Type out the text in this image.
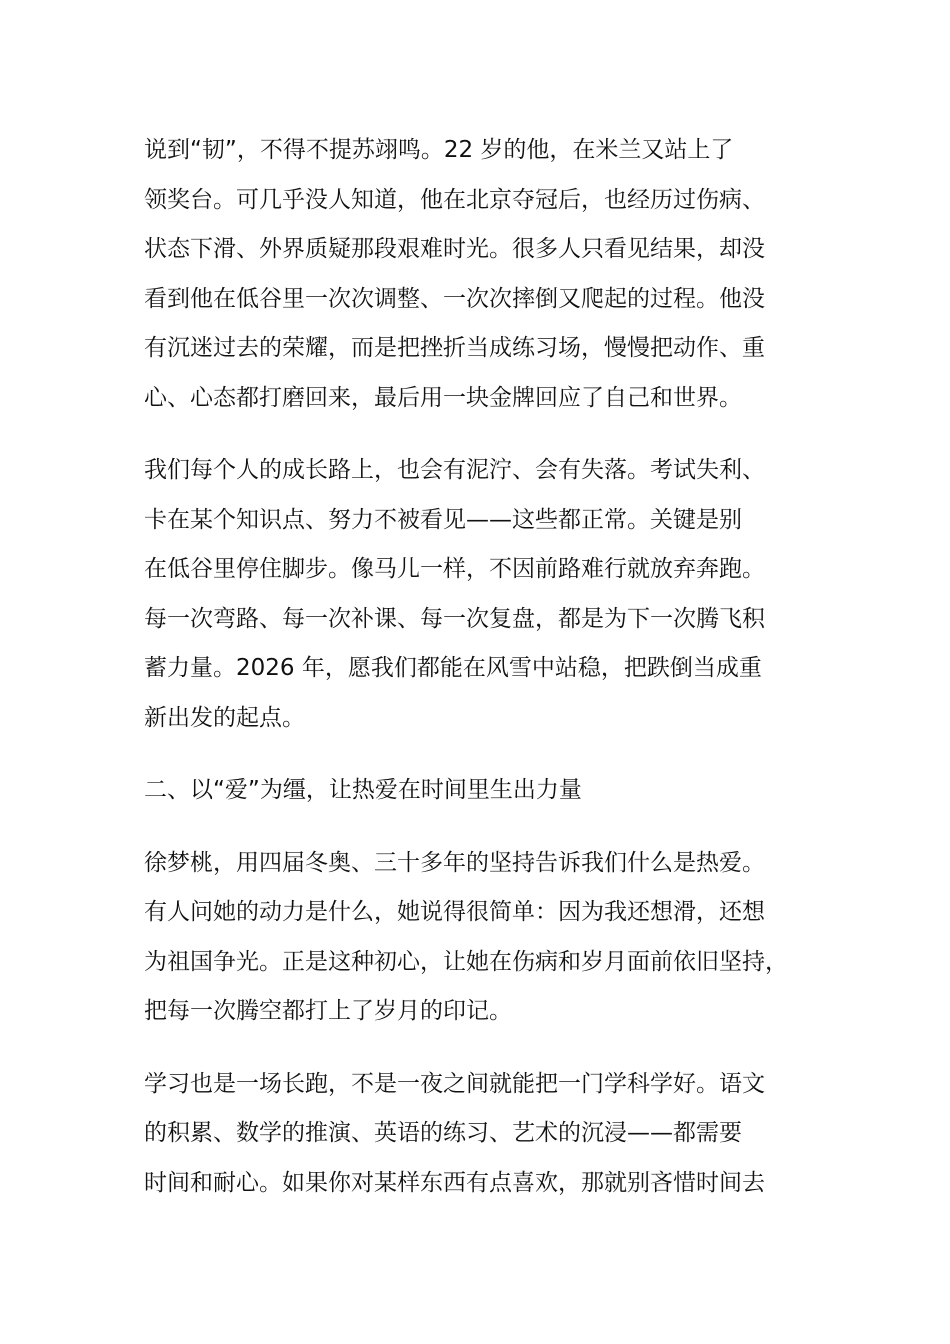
说到“韧”，不得不提苏翊鸣。22 岁的他，在米兰又站上了
领奖台。可几乎没人知道，他在北京夺冠后，也经历过伤病、
状态下滑、外界质疑那段艰难时光。很多人只看见结果，却没
看到他在低谷里一次次调整、一次次摔倒又爬起的过程。他没
有沉迷过去的荣耀，而是把挫折当成练习场，慢慢把动作、重
心、心态都打磨回来，最后用一块金牌回应了自己和世界。

我们每个人的成长路上，也会有泥泞、会有失落。考试失利、
卡在某个知识点、努力不被看见——这些都正常。关键是别
在低谷里停住脚步。像马儿一样，不因前路难行就放弃奔跑。
每一次弯路、每一次补课、每一次复盘，都是为下一次腾飞积
蓄力量。2026 年，愿我们都能在风雪中站稳，把跌倒当成重
新出发的起点。

二、以“爱”为缰，让热爱在时间里生出力量

徐梦桃，用四届冬奥、三十多年的坚持告诉我们什么是热爱。
有人问她的动力是什么，她说得很简单：因为我还想滑，还想
为祖国争光。正是这种初心，让她在伤病和岁月面前依旧坚持，
把每一次腾空都打上了岁月的印记。

学习也是一场长跑，不是一夜之间就能把一门学科学好。语文
的积累、数学的推演、英语的练习、艺术的沉浸——都需要
时间和耐心。如果你对某样东西有点喜欢，那就别吝惜时间去
